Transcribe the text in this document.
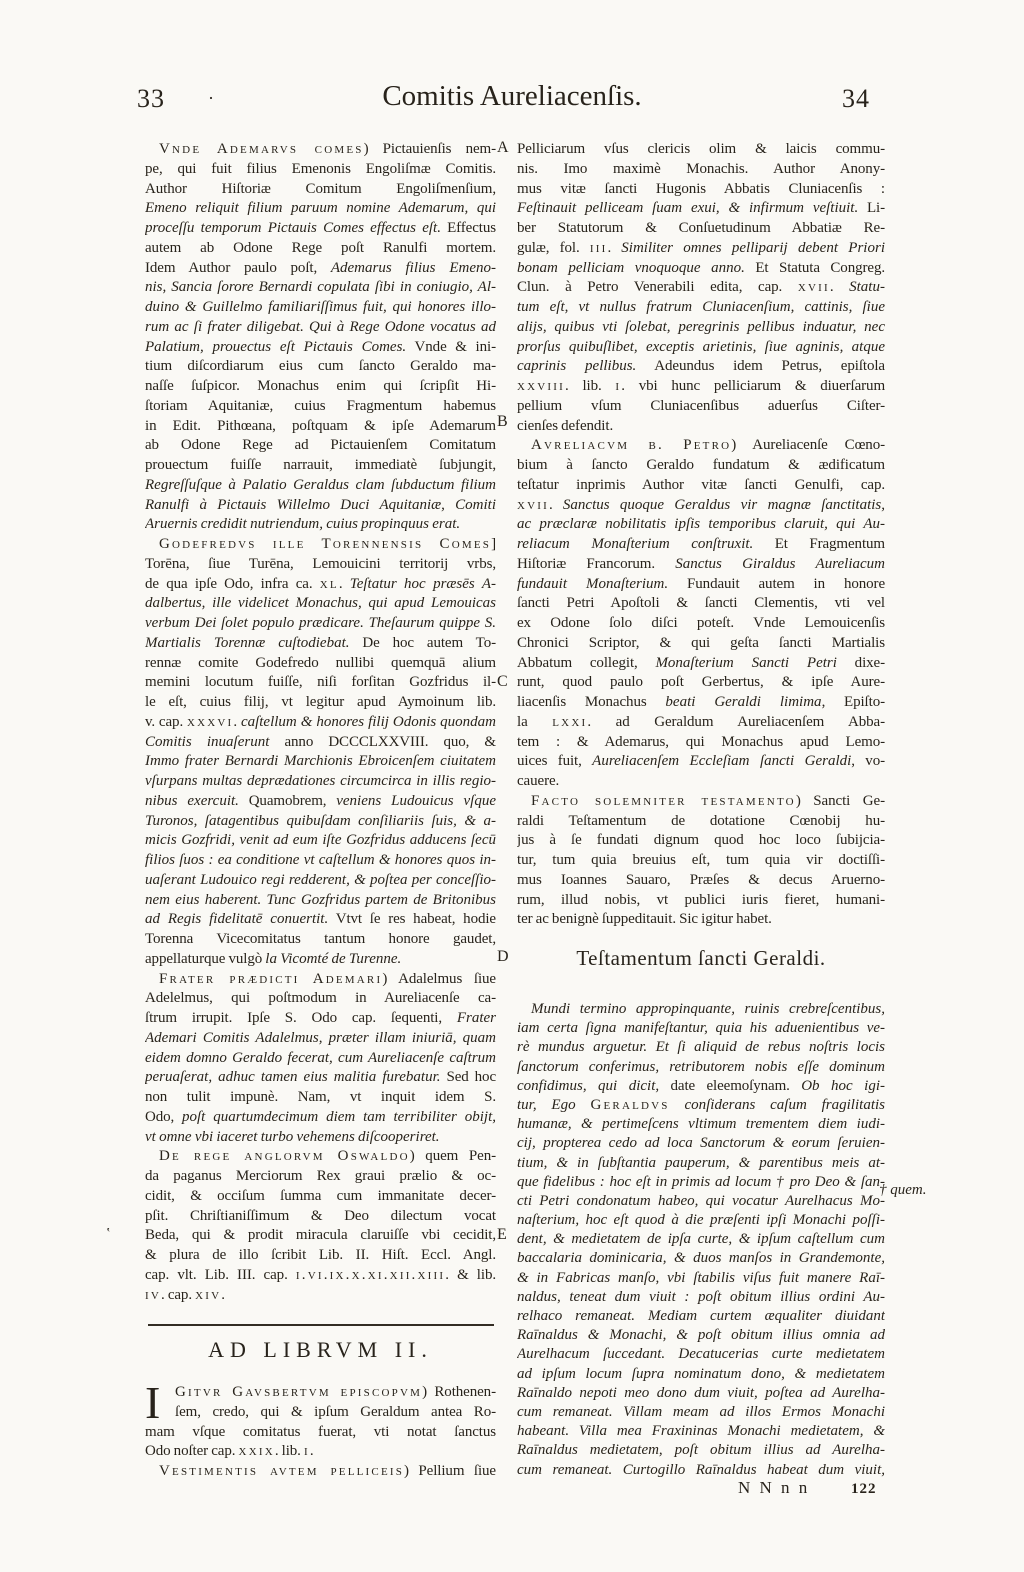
33 ·	Comitis Aureliacenſis.	34
Vnde Ademarvs comes) Pictauienſis nem-
pe, qui fuit filius Emenonis Engoliſmæ Comitis.
Author Hiſtoriæ Comitum Engoliſmenſium,
Emeno reliquit filium paruum nomine Ademarum, qui
proceſſu temporum Pictauis Comes effectus eſt. Effectus
autem ab Odone Rege poſt Ranulfi mortem.
Idem Author paulo poſt, Ademarus filius Emeno-
nis, Sancia ſorore Bernardi copulata ſibi in coniugio, Al-
duino & Guillelmo familiariſſimus fuit, qui honores illo-
rum ac ſi frater diligebat. Qui à Rege Odone vocatus ad
Palatium, prouectus eſt Pictauis Comes. Vnde & ini-
tium diſcordiarum eius cum ſancto Geraldo ma-
naſſe ſuſpicor. Monachus enim qui ſcripſit Hi-
ſtoriam Aquitaniæ, cuius Fragmentum habemus
in Edit. Pithœana, poſtquam & ipſe Ademarum
ab Odone Rege ad Pictauienſem Comitatum
prouectum fuiſſe narrauit, immediatè ſubjungit,
Regreſſuſque à Palatio Geraldus clam ſubductum filium
Ranulfi à Pictauis Willelmo Duci Aquitaniæ, Comiti
Aruernis credidit nutriendum, cuius propinquus erat.
Godefredvs ille Torennensis Comes]
Torēna, ſiue Turēna, Lemouicini territorij vrbs,
de qua ipſe Odo, infra ca. xl. Teſtatur hoc præsēs A-
dalbertus, ille videlicet Monachus, qui apud Lemouicas
verbum Dei ſolet populo prædicare. Theſaurum quippe S.
Martialis Torennæ cuſtodiebat. De hoc autem To-
rennæ comite Godefredo nullibi quemquā alium
memini locutum fuiſſe, niſi forſitan Gozfridus il-
le eſt, cuius filij, vt legitur apud Aymoinum lib.
v. cap. xxxvi. caſtellum & honores filij Odonis quondam
Comitis inuaſerunt anno DCCCLXXVIII. quo, &
Immo frater Bernardi Marchionis Ebroicenſem ciuitatem
vſurpans multas deprædationes circumcirca in illis regio-
nibus exercuit. Quamobrem, veniens Ludouicus vſque
Turonos, ſatagentibus quibuſdam conſiliariis ſuis, & a-
micis Gozfridi, venit ad eum iſte Gozfridus adducens ſecū
filios ſuos : ea conditione vt caſtellum & honores quos in-
uaſerant Ludouico regi redderent, & poſtea per conceſſio-
nem eius haberent. Tunc Gozfridus partem de Britonibus
ad Regis fidelitatē conuertit. Vtvt ſe res habeat, hodie
Torenna Vicecomitatus tantum honore gaudet,
appellaturque vulgò la Vicomté de Turenne.
Frater prædicti Ademari) Adalelmus ſiue
Adelelmus, qui poſtmodum in Aureliacenſe ca-
ſtrum irrupit. Ipſe S. Odo cap. ſequenti, Frater
Ademari Comitis Adalelmus, præter illam iniuriā, quam
eidem domno Geraldo fecerat, cum Aureliacenſe caſtrum
peruaſerat, adhuc tamen eius malitia furebatur. Sed hoc
non tulit impunè. Nam, vt inquit idem S.
Odo, poſt quartumdecimum diem tam terribiliter obijt,
vt omne vbi iaceret turbo vehemens diſcooperiret.
De rege anglorvm Oswaldo) quem Pen-
da paganus Merciorum Rex graui prælio & oc-
cidit, & occiſum ſumma cum immanitate decer-
pſit. Chriſtianiſſimum & Deo dilectum vocat
Beda, qui & prodit miracula claruiſſe vbi cecidit,
& plura de illo ſcribit Lib. II. Hiſt. Eccl. Angl.
cap. vlt. Lib. III. cap. i.vi.ix.x.xi.xii.xiii. & lib.
iv. cap. xiv.
AD LIBRVM II.
I Gitvr Gavsbertvm episcopvm) Rothenen-
ſem, credo, qui & ipſum Geraldum antea Ro-
mam vſque comitatus fuerat, vti notat ſanctus
Odo noſter cap. xxix. lib. i.
Vestimentis avtem pelliceis) Pellium ſiue
Pelliciarum vſus clericis olim & laicis commu-
nis. Imo maximè Monachis. Author Anony-
mus vitæ ſancti Hugonis Abbatis Cluniacenſis :
Feſtinauit pelliceam ſuam exui, & infirmum veſtiuit. Li-
ber Statutorum & Conſuetudinum Abbatiæ Re-
gulæ, fol. iii. Similiter omnes pelliparij debent Priori
bonam pelliciam vnoquoque anno. Et Statuta Congreg.
Clun. à Petro Venerabili edita, cap. xvii. Statu-
tum eſt, vt nullus fratrum Cluniacenſium, cattinis, ſiue
alijs, quibus vti ſolebat, peregrinis pellibus induatur, nec
prorſus quibuſlibet, exceptis arietinis, ſiue agninis, atque
caprinis pellibus. Adeundus idem Petrus, epiſtola
xxviii. lib. i. vbi hunc pelliciarum & diuerſarum
pellium vſum Cluniacenſibus aduerſus Ciſter-
cienſes defendit.
Avreliacvm b. Petro) Aureliacenſe Cœno-
bium à ſancto Geraldo fundatum & ædificatum
teſtatur inprimis Author vitæ ſancti Genulfi, cap.
xvii. Sanctus quoque Geraldus vir magnæ ſanctitatis,
ac præclaræ nobilitatis ipſis temporibus claruit, qui Au-
reliacum Monaſterium conſtruxit. Et Fragmentum
Hiſtoriæ Francorum. Sanctus Giraldus Aureliacum
fundauit Monaſterium. Fundauit autem in honore
ſancti Petri Apoſtoli & ſancti Clementis, vti vel
ex Odone ſolo diſci poteſt. Vnde Lemouicenſis
Chronici Scriptor, & qui geſta ſancti Martialis
Abbatum collegit, Monaſterium Sancti Petri dixe-
runt, quod paulo poſt Gerbertus, & ipſe Aure-
liacenſis Monachus beati Geraldi limima, Epiſto-
la lxxi. ad Geraldum Aureliacenſem Abba-
tem : & Ademarus, qui Monachus apud Lemo-
uices fuit, Aureliacenſem Eccleſiam ſancti Geraldi, vo-
cauere.
Facto solemniter testamento) Sancti Ge-
raldi Teſtamentum de dotatione Cœnobij hu-
jus à ſe fundati dignum quod hoc loco ſubijcia-
tur, tum quia breuius eſt, tum quia vir doctiſſi-
mus Ioannes Sauaro, Præſes & decus Aruerno-
rum, illud nobis, vt publici iuris fieret, humani-
ter ac benignè ſuppeditauit. Sic igitur habet.
Teſtamentum ſancti Geraldi.
Mundi termino appropinquante, ruinis crebreſcentibus,
iam certa ſigna manifeſtantur, quia his aduenientibus ve-
rè mundus arguetur. Et ſi aliquid de rebus noſtris locis
ſanctorum conferimus, retributorem nobis eſſe dominum
confidimus, qui dicit, date eleemoſynam. Ob hoc igi-
tur, Ego Geraldvs conſiderans caſum fragilitatis
humanæ, & pertimeſcens vltimum trementem diem iudi-
cij, propterea cedo ad loca Sanctorum & eorum ſeruien-
tium, & in ſubſtantia pauperum, & parentibus meis at-
que fidelibus : hoc eſt in primis ad locum † pro Deo & ſan-
cti Petri condonatum habeo, qui vocatur Aurelhacus Mo-
naſterium, hoc eſt quod à die præſenti ipſi Monachi poſſi-
dent, & medietatem de ipſa curte, & ipſum caſtellum cum
baccalaria dominicaria, & duos manſos in Grandemonte,
& in Fabricas manſo, vbi ſtabilis viſus fuit manere Raī-
naldus, teneat dum viuit : poſt obitum illius ordini Au-
relhaco remaneat. Mediam curtem æqualiter diuidant
Raīnaldus & Monachi, & poſt obitum illius omnia ad
Aurelhacum ſuccedant. Decatucerias curte medietatem
ad ipſum locum ſupra nominatum dono, & medietatem
Raīnaldo nepoti meo dono dum viuit, poſtea ad Aurelha-
cum remaneat. Villam meam ad illos Ermos Monachi
habeant. Villa mea Fraxininas Monachi medietatem, &
Raīnaldus medietatem, poſt obitum illius ad Aurelha-
cum remaneat. Curtogillo Raīnaldus habeat dum viuit,
A
B
C
D
E
† quem.
‛
N N n n	122
